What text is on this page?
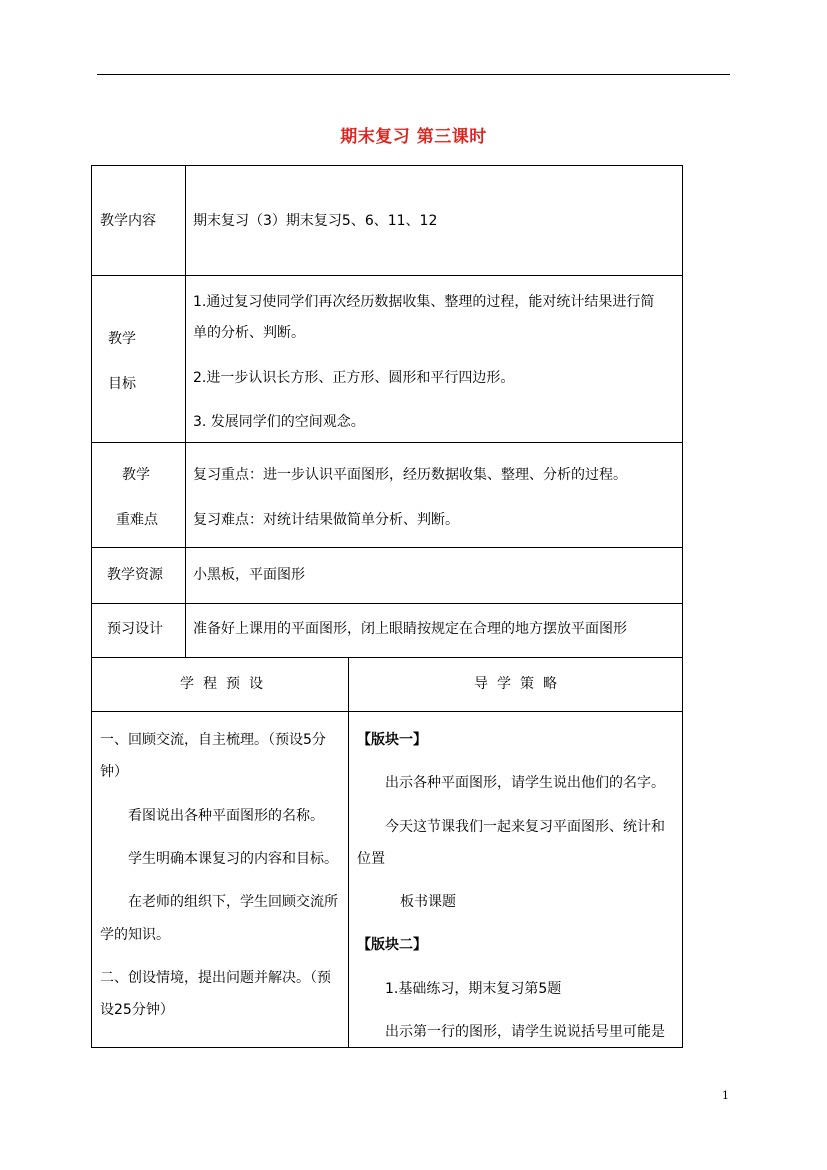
期末复习 第三课时
教学内容	期末复习（3）期末复习5、6、11、12
教学
目标
1.通过复习使同学们再次经历数据收集、整理的过程，能对统计结果进行简
单的分析、判断。
2.进一步认识长方形、正方形、圆形和平行四边形。
3. 发展同学们的空间观念。
教学
重难点
复习重点：进一步认识平面图形，经历数据收集、整理、分析的过程。
复习难点：对统计结果做简单分析、判断。
教学资源 小黑板，平面图形
预习设计 准备好上课用的平面图形，闭上眼睛按规定在合理的地方摆放平面图形
学程预设	导学策略
一、回顾交流，自主梳理。（预设5分
钟）
看图说出各种平面图形的名称。
学生明确本课复习的内容和目标。
在老师的组织下，学生回顾交流所
学的知识。
二、创设情境，提出问题并解决。（预
设25分钟）
【版块一】
出示各种平面图形，请学生说出他们的名字。
今天这节课我们一起来复习平面图形、统计和
位置
板书课题
【版块二】
1.基础练习，期末复习第5题
出示第一行的图形，请学生说说括号里可能是
1
